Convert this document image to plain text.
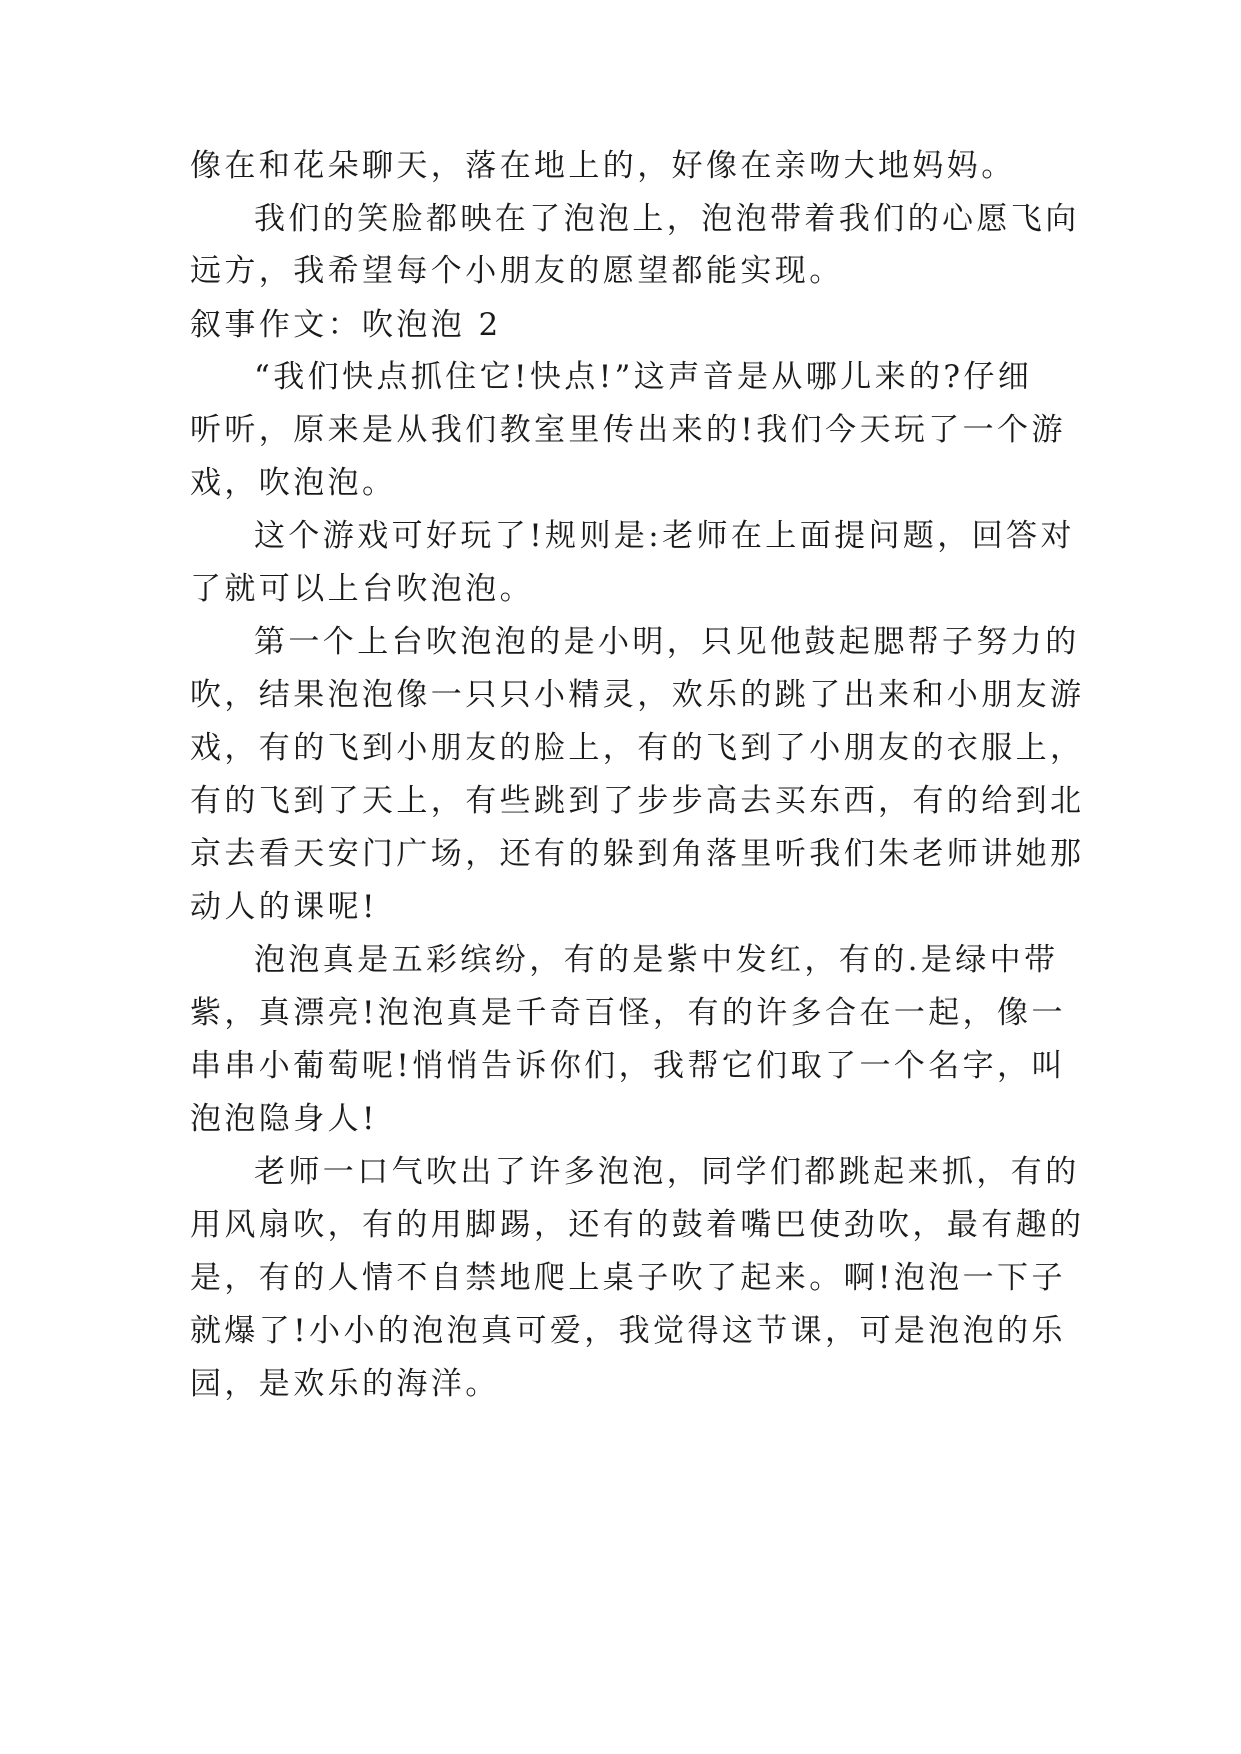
像在和花朵聊天，落在地上的，好像在亲吻大地妈妈。
我们的笑脸都映在了泡泡上，泡泡带着我们的心愿飞向
远方，我希望每个小朋友的愿望都能实现。
叙事作文：吹泡泡 2
“我们快点抓住它!快点!”这声音是从哪儿来的?仔细
听听，原来是从我们教室里传出来的!我们今天玩了一个游
戏，吹泡泡。
这个游戏可好玩了!规则是:老师在上面提问题，回答对
了就可以上台吹泡泡。
第一个上台吹泡泡的是小明，只见他鼓起腮帮子努力的
吹，结果泡泡像一只只小精灵，欢乐的跳了出来和小朋友游
戏，有的飞到小朋友的脸上，有的飞到了小朋友的衣服上，
有的飞到了天上，有些跳到了步步高去买东西，有的给到北
京去看天安门广场，还有的躲到角落里听我们朱老师讲她那
动人的课呢!
泡泡真是五彩缤纷，有的是紫中发红，有的.是绿中带
紫，真漂亮!泡泡真是千奇百怪，有的许多合在一起，像一
串串小葡萄呢!悄悄告诉你们，我帮它们取了一个名字，叫
泡泡隐身人!
老师一口气吹出了许多泡泡，同学们都跳起来抓，有的
用风扇吹，有的用脚踢，还有的鼓着嘴巴使劲吹，最有趣的
是，有的人情不自禁地爬上桌子吹了起来。啊!泡泡一下子
就爆了!小小的泡泡真可爱，我觉得这节课，可是泡泡的乐
园，是欢乐的海洋。
